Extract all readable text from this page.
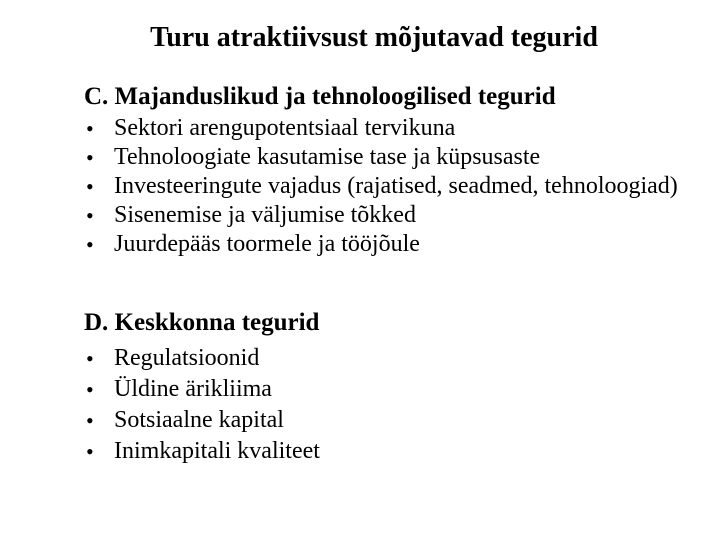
Turu atraktiivsust mõjutavad tegurid

C. Majanduslikud ja tehnoloogilised tegurid

• Sektori arengupotentsiaal tervikuna
• Tehnoloogiate kasutamise tase ja küpsusaste
• Investeeringute vajadus (rajatised, seadmed, tehnoloogiad)
• Sisenemise ja väljumise tõkked
• Juurdepääs toormele ja tööjõule

D. Keskkonna tegurid

• Regulatsioonid
• Üldine ärikliima
• Sotsiaalne kapital
• Inimkapitali kvaliteet
